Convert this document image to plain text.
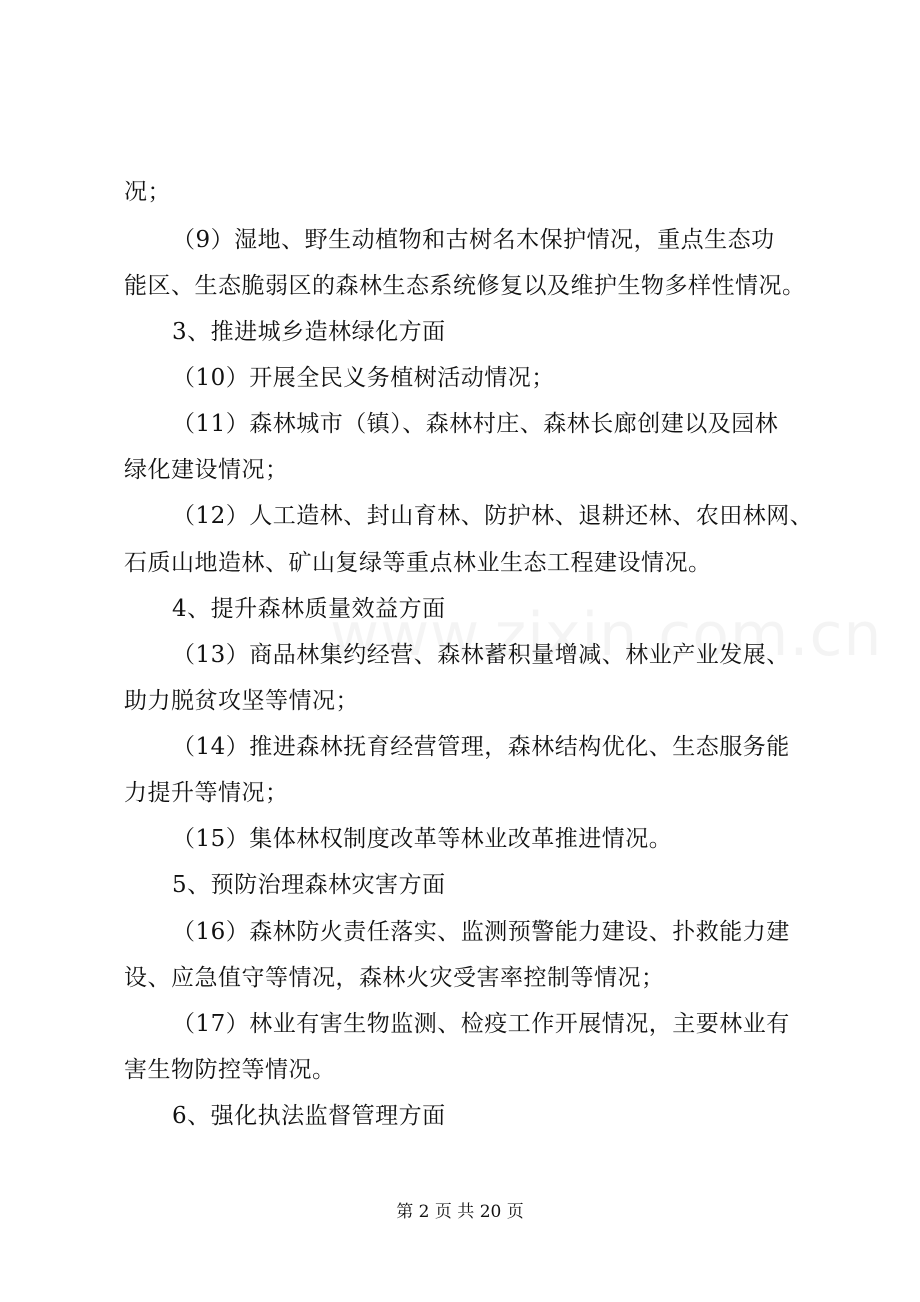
况；
（9）湿地、野生动植物和古树名木保护情况，重点生态功
能区、生态脆弱区的森林生态系统修复以及维护生物多样性情况。
3、推进城乡造林绿化方面
（10）开展全民义务植树活动情况；
（11）森林城市（镇）、森林村庄、森林长廊创建以及园林
绿化建设情况；
（12）人工造林、封山育林、防护林、退耕还林、农田林网、
石质山地造林、矿山复绿等重点林业生态工程建设情况。
4、提升森林质量效益方面
（13）商品林集约经营、森林蓄积量增减、林业产业发展、
助力脱贫攻坚等情况；
（14）推进森林抚育经营管理，森林结构优化、生态服务能
力提升等情况；
（15）集体林权制度改革等林业改革推进情况。
5、预防治理森林灾害方面
（16）森林防火责任落实、监测预警能力建设、扑救能力建
设、应急值守等情况，森林火灾受害率控制等情况；
（17）林业有害生物监测、检疫工作开展情况，主要林业有
害生物防控等情况。
6、强化执法监督管理方面
第 2 页 共 20 页
